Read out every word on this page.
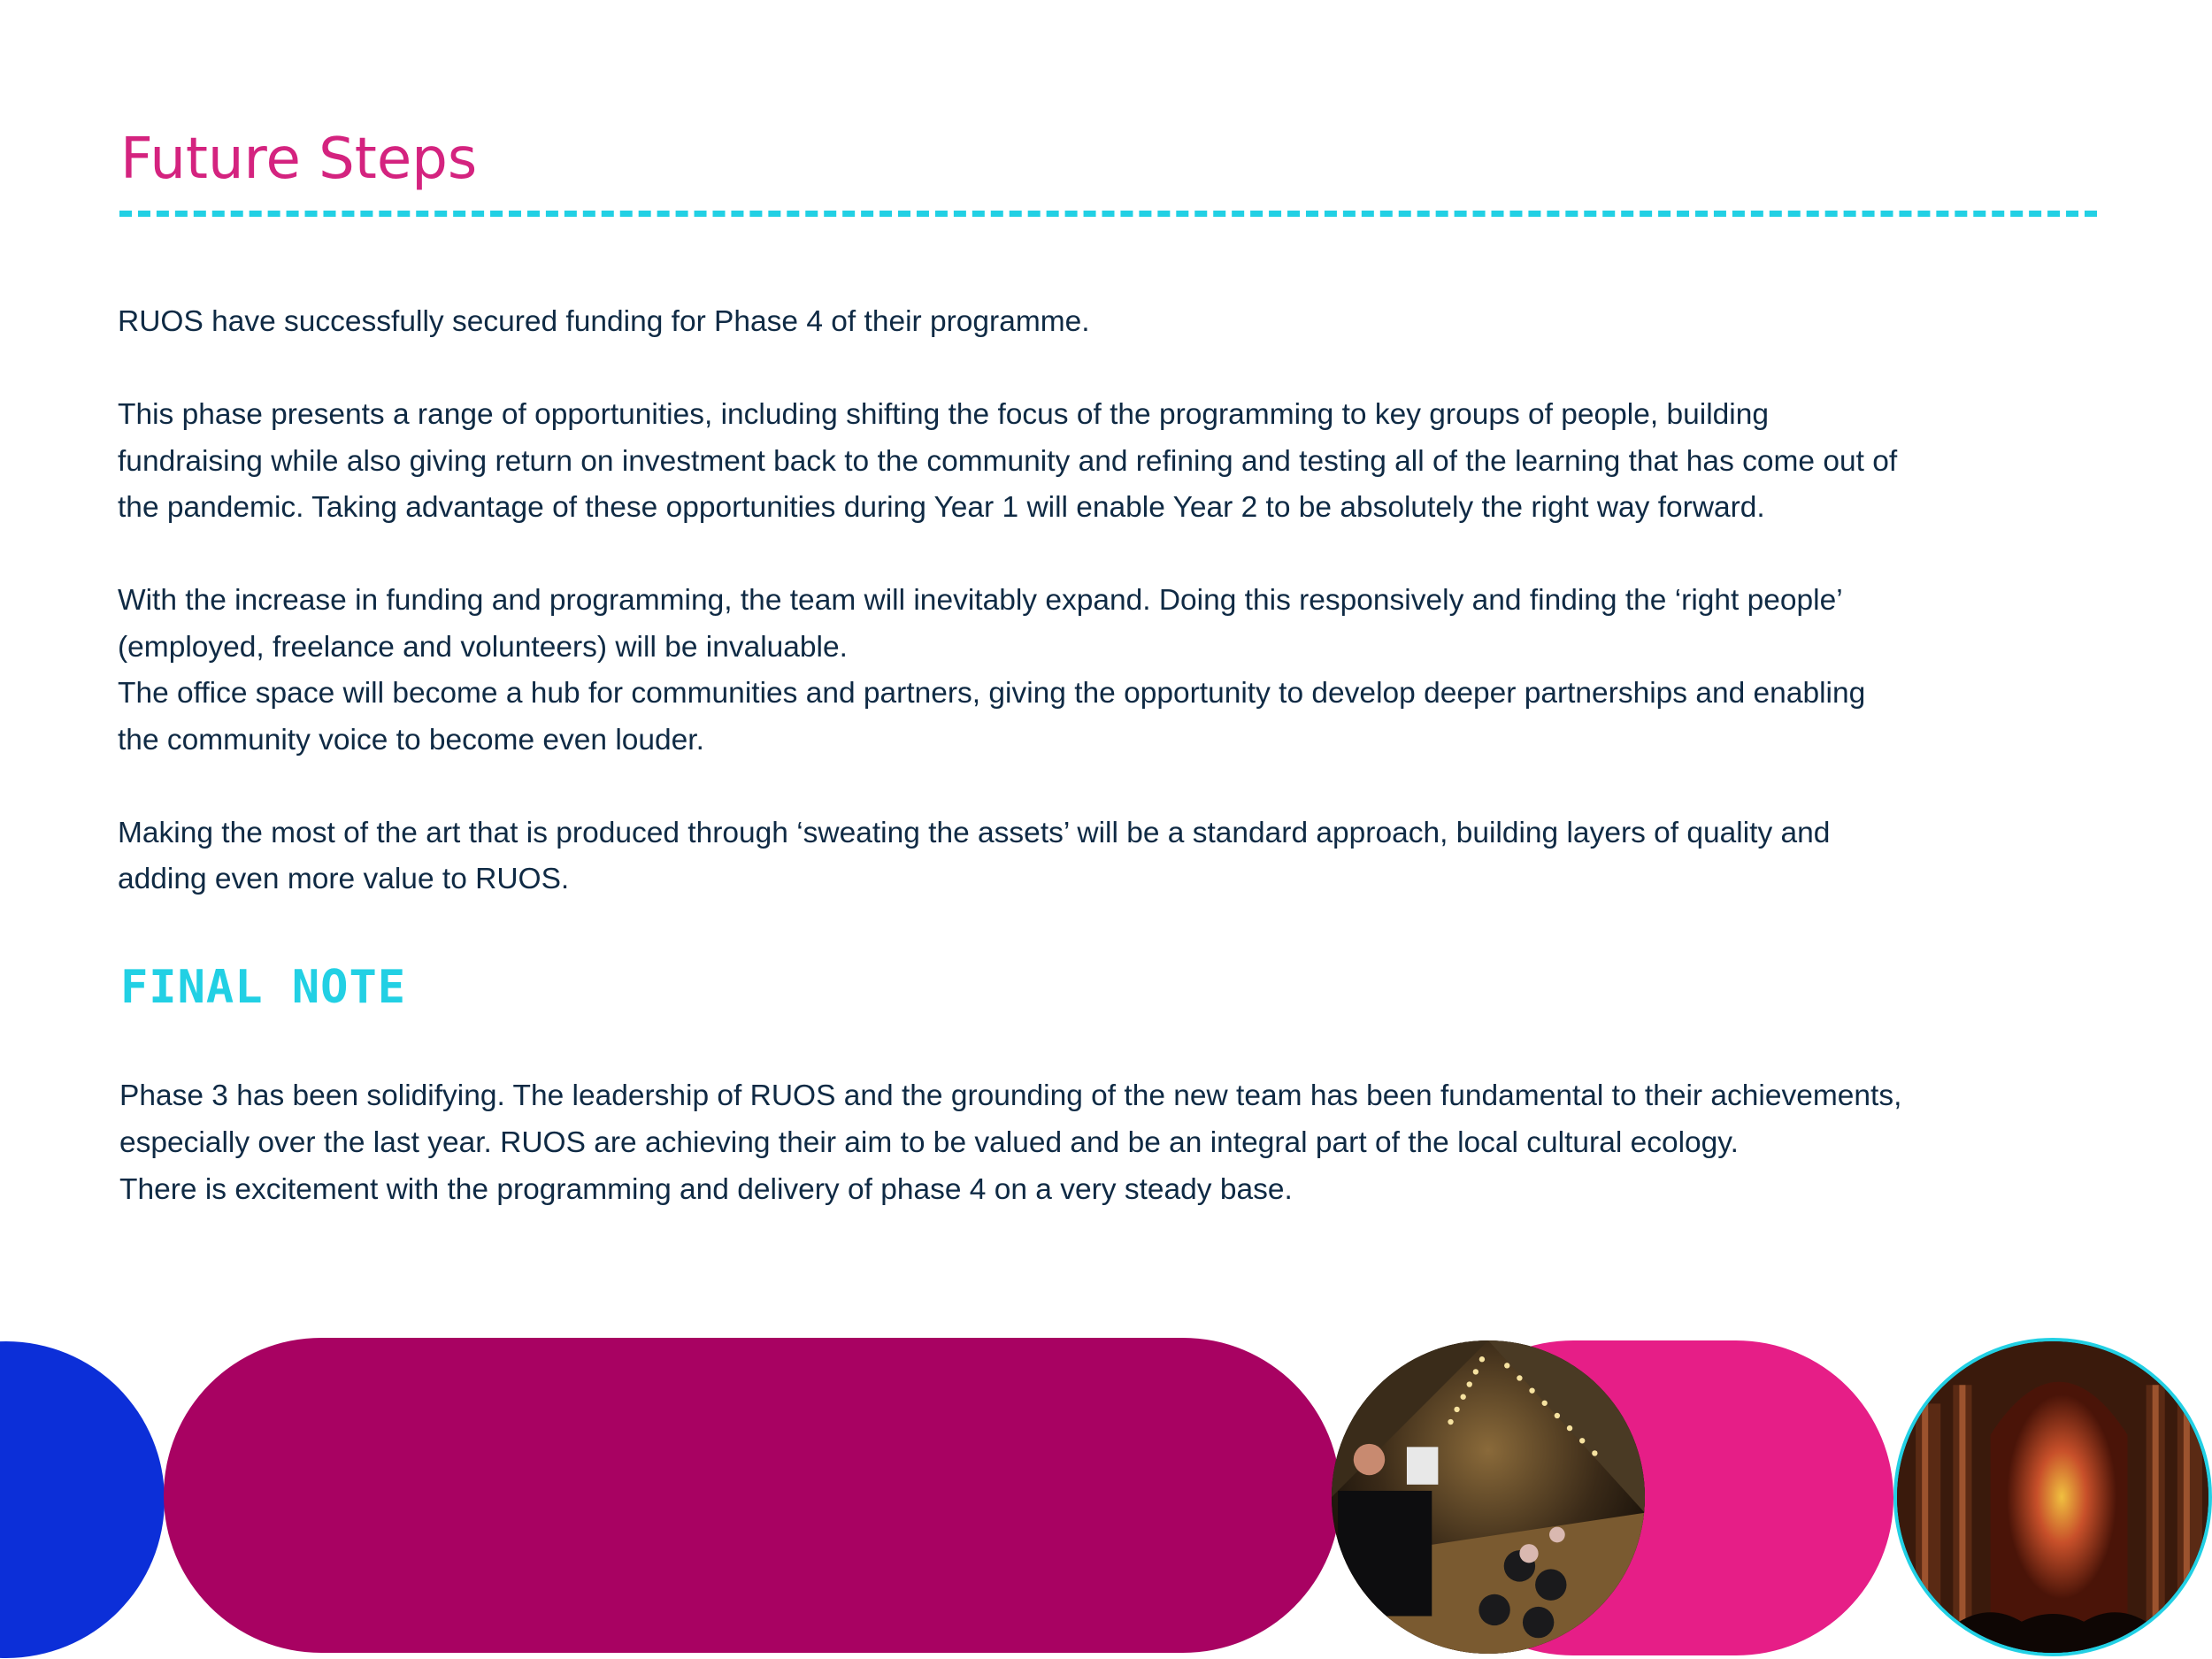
Future Steps

RUOS have successfully secured funding for Phase 4 of their programme.

This phase presents a range of opportunities, including shifting the focus of the programming to key groups of people, building

fundraising while also giving return on investment back to the community and refining and testing all of the learning that has come out of

the pandemic. Taking advantage of these opportunities during Year 1 will enable Year 2 to be absolutely the right way forward.

With the increase in funding and programming, the team will inevitably expand. Doing this responsively and finding the ‘right people’

(employed, freelance and volunteers) will be invaluable.

The office space will become a hub for communities and partners, giving the opportunity to develop deeper partnerships and enabling

the community voice to become even louder.

Making the most of the art that is produced through ‘sweating the assets’ will be a standard approach, building layers of quality and

adding even more value to RUOS.

FINAL NOTE

Phase 3 has been solidifying. The leadership of RUOS and the grounding of the new team has been fundamental to their achievements,

especially over the last year. RUOS are achieving their aim to be valued and be an integral part of the local cultural ecology.

There is excitement with the programming and delivery of phase 4 on a very steady base.
